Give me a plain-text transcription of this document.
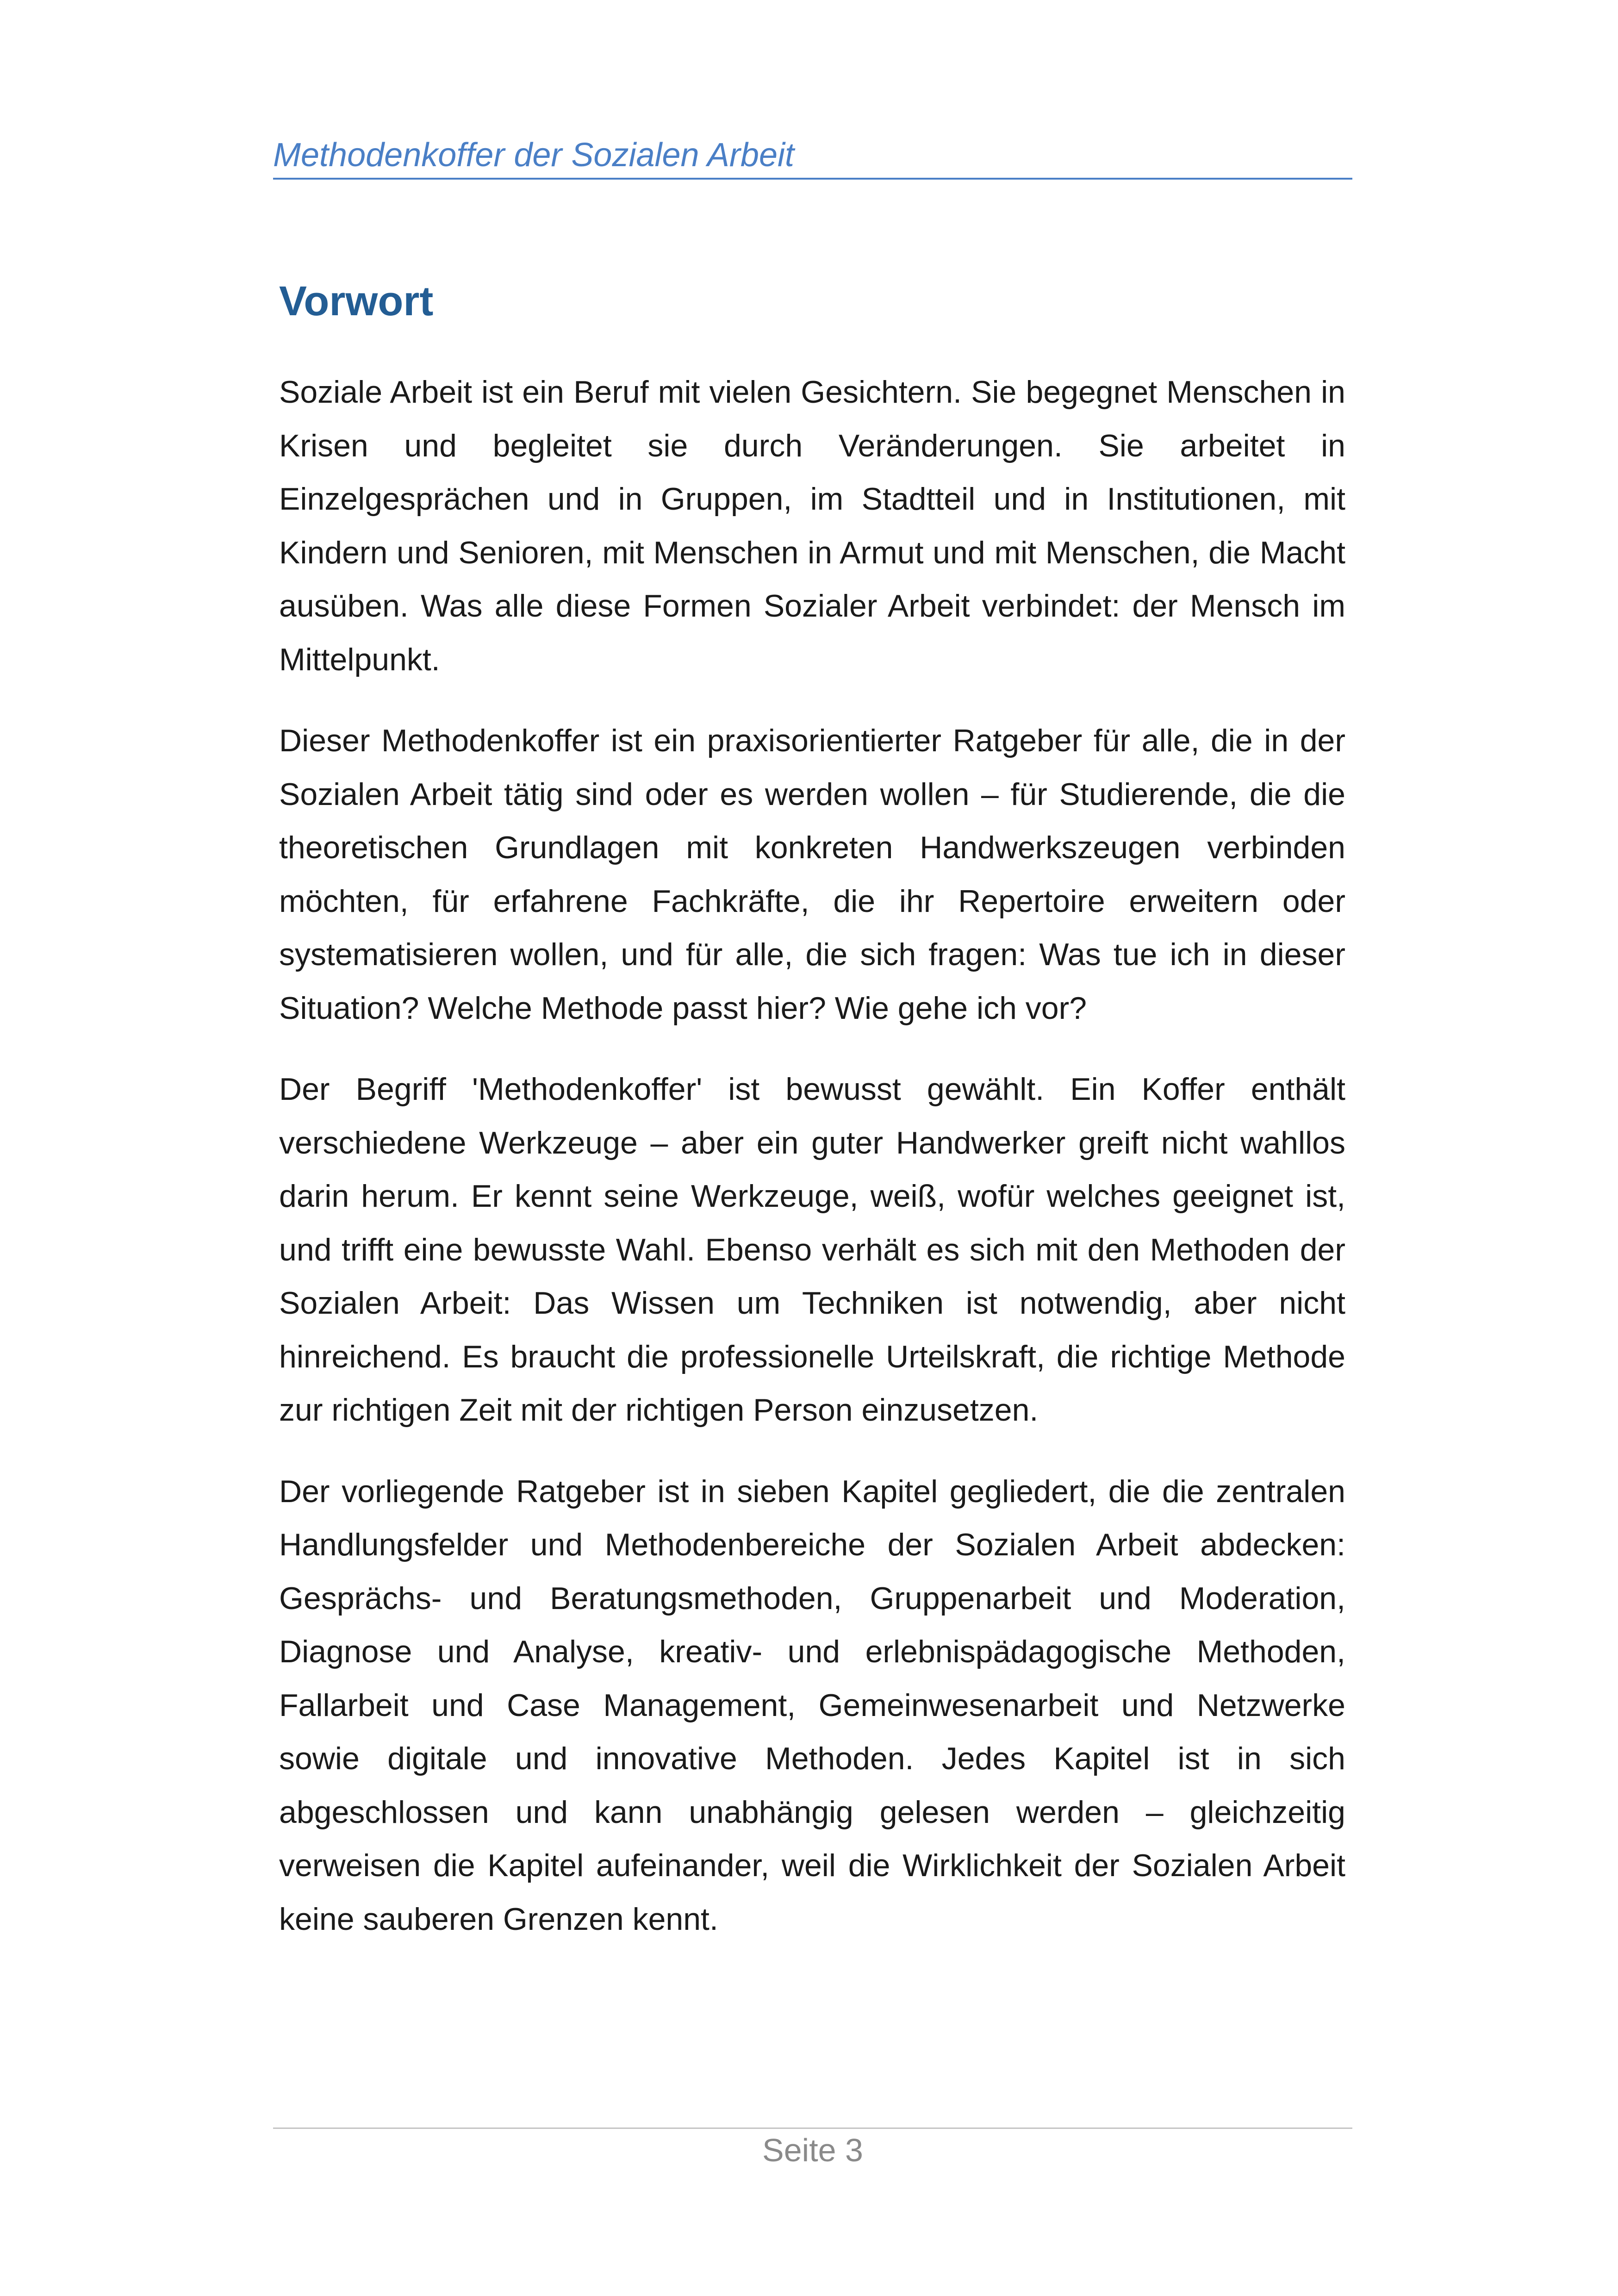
Methodenkoffer der Sozialen Arbeit
Vorwort

Soziale Arbeit ist ein Beruf mit vielen Gesichtern. Sie begegnet Menschen in Krisen und begleitet sie durch Veränderungen. Sie arbeitet in Einzelgesprächen und in Gruppen, im Stadtteil und in Institutionen, mit Kindern und Senioren, mit Menschen in Armut und mit Menschen, die Macht ausüben. Was alle diese Formen Sozialer Arbeit verbindet: der Mensch im Mittelpunkt.

Dieser Methodenkoffer ist ein praxisorientierter Ratgeber für alle, die in der Sozialen Arbeit tätig sind oder es werden wollen – für Studierende, die die theoretischen Grundlagen mit konkreten Handwerkszeugen verbinden möchten, für erfahrene Fachkräfte, die ihr Repertoire erweitern oder systematisieren wollen, und für alle, die sich fragen: Was tue ich in dieser Situation? Welche Methode passt hier? Wie gehe ich vor?

Der Begriff 'Methodenkoffer' ist bewusst gewählt. Ein Koffer enthält verschiedene Werkzeuge – aber ein guter Handwerker greift nicht wahllos darin herum. Er kennt seine Werkzeuge, weiß, wofür welches geeignet ist, und trifft eine bewusste Wahl. Ebenso verhält es sich mit den Methoden der Sozialen Arbeit: Das Wissen um Techniken ist notwendig, aber nicht hinreichend. Es braucht die professionelle Urteilskraft, die richtige Methode zur richtigen Zeit mit der richtigen Person einzusetzen.

Der vorliegende Ratgeber ist in sieben Kapitel gegliedert, die die zentralen Handlungsfelder und Methodenbereiche der Sozialen Arbeit abdecken: Gesprächs- und Beratungsmethoden, Gruppenarbeit und Moderation, Diagnose und Analyse, kreativ- und erlebnispädagogische Methoden, Fallarbeit und Case Management, Gemeinwesenarbeit und Netzwerke sowie digitale und innovative Methoden. Jedes Kapitel ist in sich abgeschlossen und kann unabhängig gelesen werden – gleichzeitig verweisen die Kapitel aufeinander, weil die Wirklichkeit der Sozialen Arbeit keine sauberen Grenzen kennt.

Seite 3
